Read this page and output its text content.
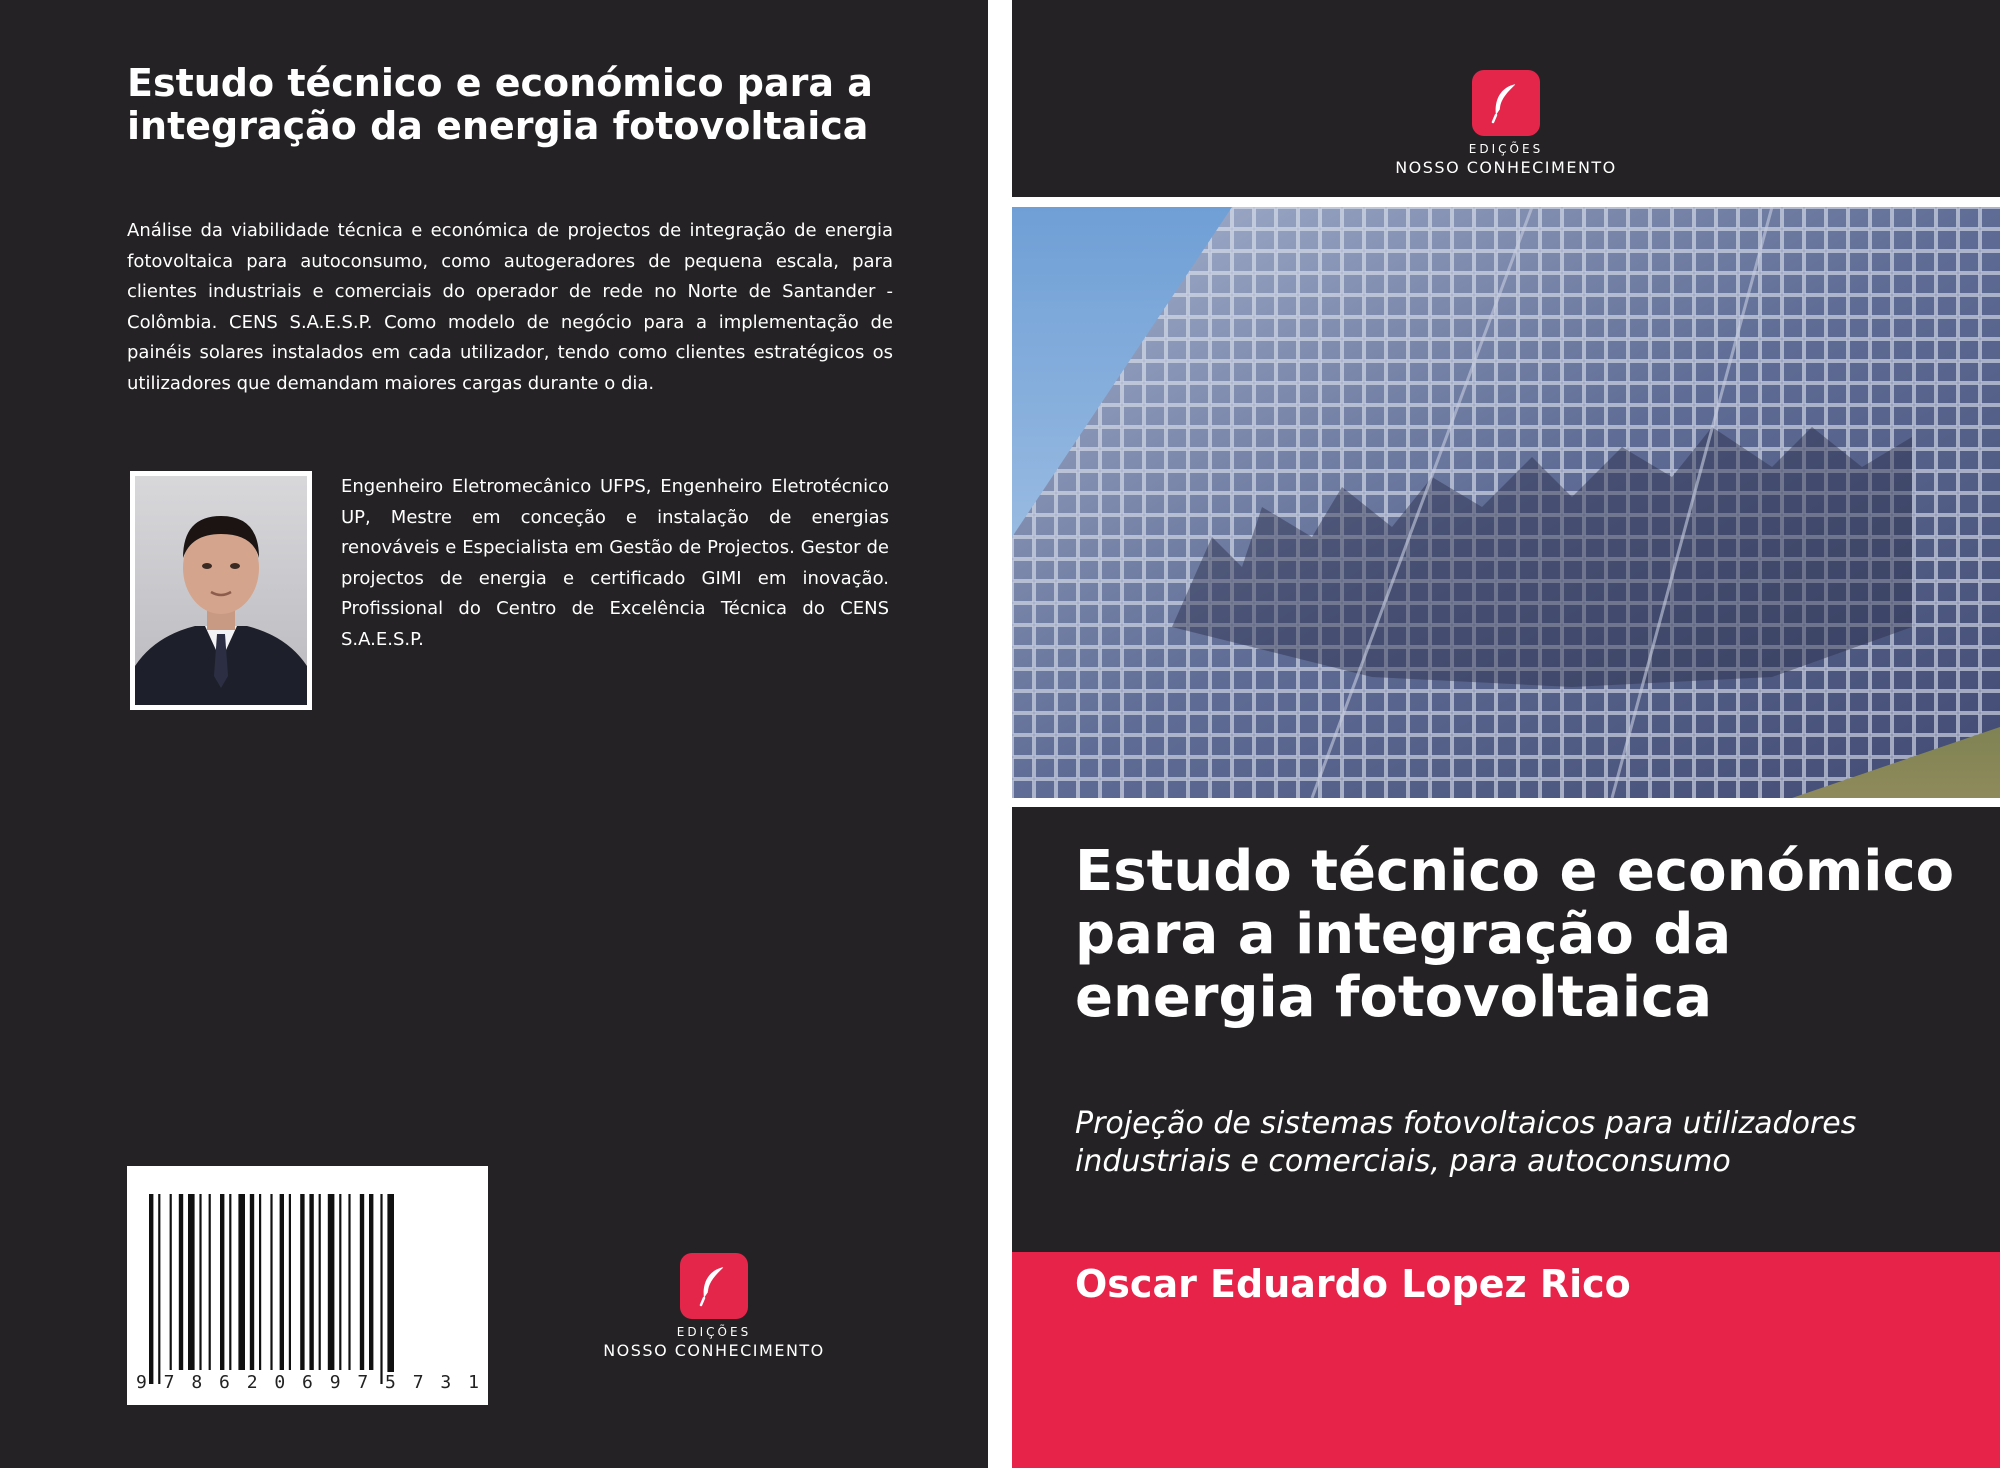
Estudo técnico e económico para a integração da energia fotovoltaica

Análise da viabilidade técnica e económica de projectos de integração de energia fotovoltaica para autoconsumo, como autogeradores de pequena escala, para clientes industriais e comerciais do operador de rede no Norte de Santander - Colômbia. CENS S.A.E.S.P. Como modelo de negócio para a implementação de painéis solares instalados em cada utilizador, tendo como clientes estratégicos os utilizadores que demandam maiores cargas durante o dia.

Engenheiro Eletromecânico UFPS, Engenheiro Eletrotécnico UP, Mestre em conceção e instalação de energias renováveis e Especialista em Gestão de Projectos. Gestor de projectos de energia e certificado GIMI em inovação. Profissional do Centro de Excelência Técnica do CENS S.A.E.S.P.

9 7 8 6 2 0 6 9 7 5 7 3 1
EDIÇÕES
NOSSO CONHECIMENTO
EDIÇÕES
NOSSO CONHECIMENTO
Estudo técnico e económico para a integração da energia fotovoltaica

Projeção de sistemas fotovoltaicos para utilizadores industriais e comerciais, para autoconsumo

Oscar Eduardo Lopez Rico
